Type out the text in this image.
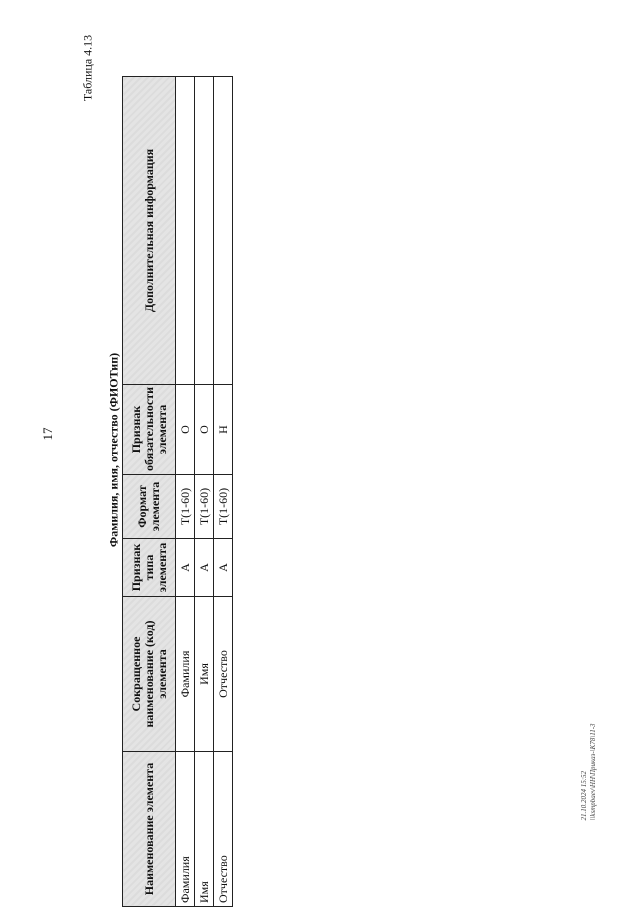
17
Таблица 4.13
Фамилия, имя, отчество (ФИОТип)
Наименование элемента	Сокращенное наименование (код) элемента	Признак типа элемента	Формат элемента	Признак обязательности элемента	Дополнительная информация
Фамилия	Фамилия	А	T(1-60)	О	
Имя	Имя	А	T(1-60)	О	
Отчество	Отчество	А	T(1-60)	Н	
21.10.2024 15:52 \\ksmpbaev\НН\Приказ-\К78\11-3
